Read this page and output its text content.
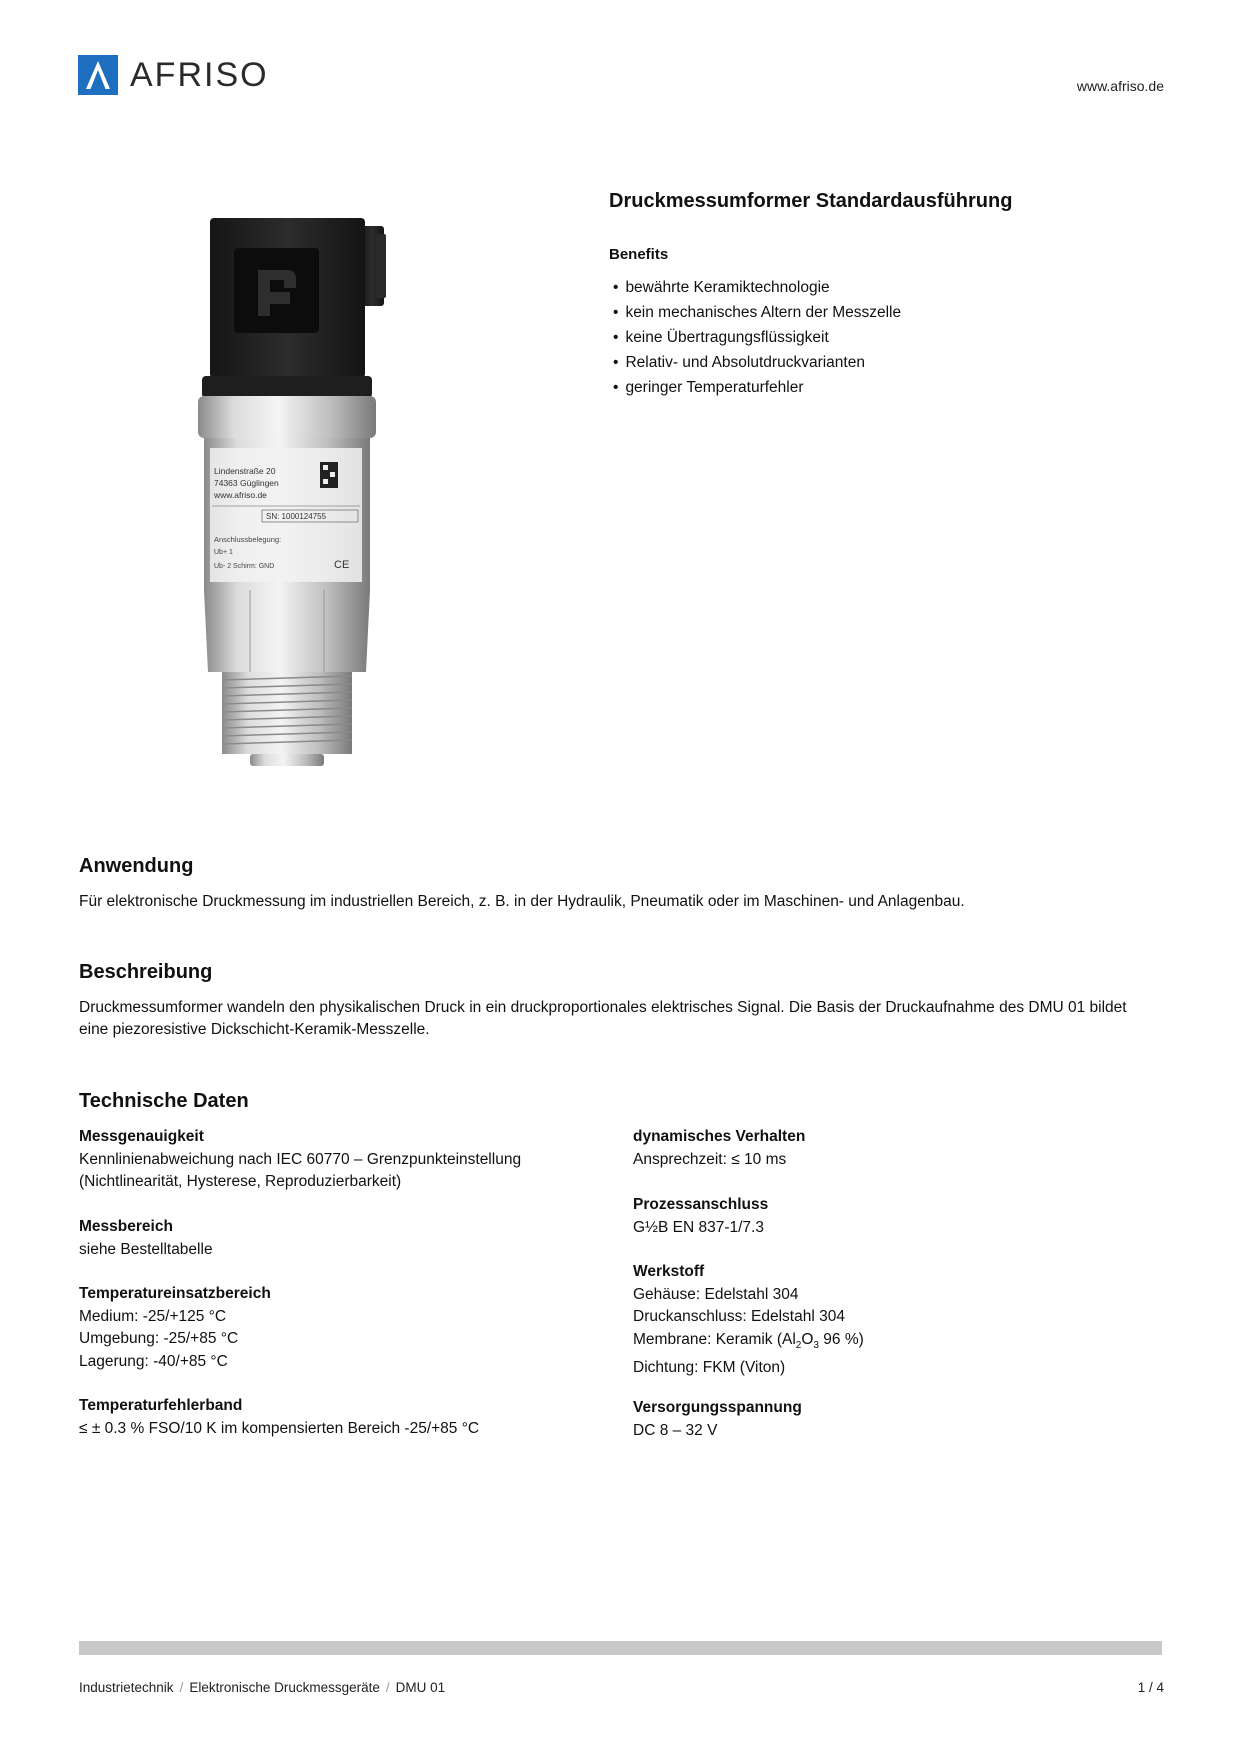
AFRISO	www.afriso.de
Lindenstraße 20
74363 Güglingen
www.afriso.de
SN: 1000124755
Anschlussbelegung:
Ub+ 1
Ub- 2 Schirm: GND	CE
Druckmessumformer Standardausführung
Benefits
• bewährte Keramiktechnologie
• kein mechanisches Altern der Messzelle
• keine Übertragungsflüssigkeit
• Relativ- und Absolutdruckvarianten
• geringer Temperaturfehler
Anwendung
Für elektronische Druckmessung im industriellen Bereich, z. B. in der Hydraulik, Pneumatik oder im Maschinen- und Anlagenbau.
Beschreibung
Druckmessumformer wandeln den physikalischen Druck in ein druckproportionales elektrisches Signal. Die Basis der Druckaufnahme des DMU 01 bildet eine piezoresistive Dickschicht-Keramik-Messzelle.
Technische Daten
Messgenauigkeit
Kennlinienabweichung nach IEC 60770 – Grenzpunkteinstellung
(Nichtlinearität, Hysterese, Reproduzierbarkeit)
Messbereich
siehe Bestelltabelle
Temperatureinsatzbereich
Medium: -25/+125 °C
Umgebung: -25/+85 °C
Lagerung: -40/+85 °C
Temperaturfehlerband
≤ ± 0.3 % FSO/10 K im kompensierten Bereich -25/+85 °C
dynamisches Verhalten
Ansprechzeit: ≤ 10 ms
Prozessanschluss
G½B EN 837-1/7.3
Werkstoff
Gehäuse: Edelstahl 304
Druckanschluss: Edelstahl 304
Membrane: Keramik ($Al_2O_3$ 96 %)
Dichtung: FKM (Viton)
Versorgungsspannung
DC 8 – 32 V
Industrietechnik / Elektronische Druckmessgeräte / DMU 01	1 / 4
